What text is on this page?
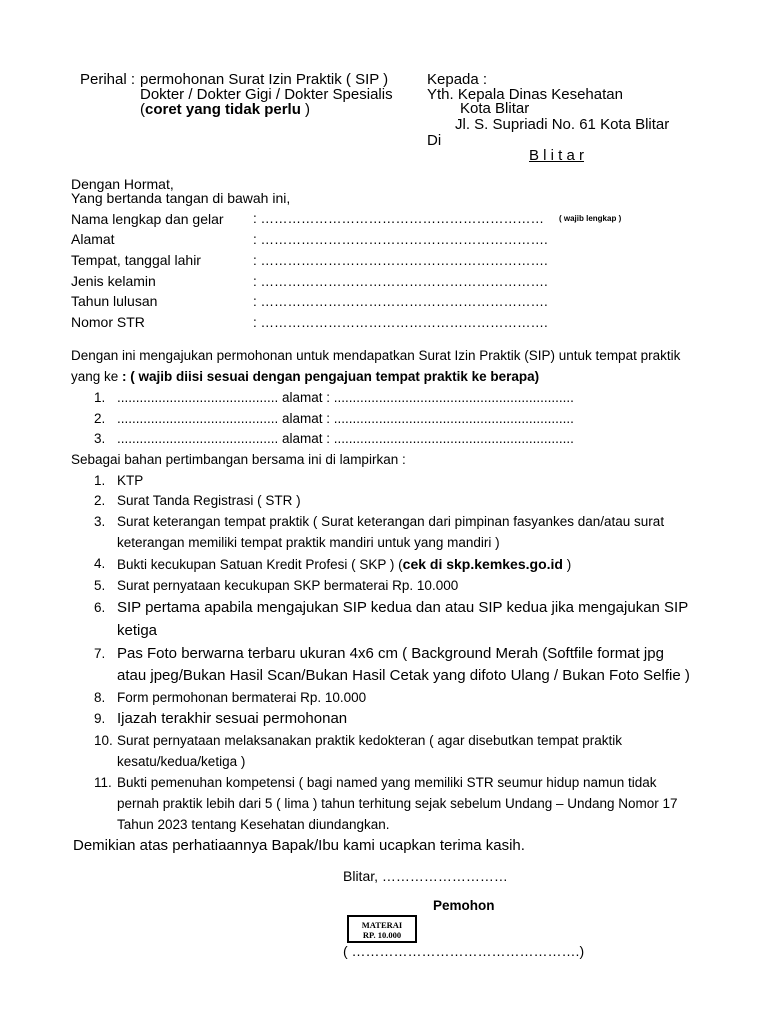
Perihal : permohonan Surat Izin Praktik ( SIP )
Dokter / Dokter Gigi / Dokter Spesialis
(coret yang tidak perlu )
Kepada :
Yth. Kepala Dinas Kesehatan
Kota Blitar
Jl. S. Supriadi No. 61 Kota Blitar
Di
B l i t a r
Dengan Hormat,
Yang bertanda tangan di bawah ini,
Nama lengkap dan gelar : ……………………………………………………… ( wajib lengkap )
Alamat	: ……………………………………………………….
Tempat, tanggal lahir	: ……………………………………………………….
Jenis kelamin	: ……………………………………………………….
Tahun lulusan	: ……………………………………………………….
Nomor STR	: ……………………………………………………….
Dengan ini mengajukan permohonan untuk mendapatkan Surat Izin Praktik (SIP) untuk tempat praktik
yang ke : ( wajib diisi sesuai dengan pengajuan tempat praktik ke berapa)
1. ........................................... alamat : ................................................................
2. ........................................... alamat : ................................................................
3. ........................................... alamat : ................................................................
Sebagai bahan pertimbangan bersama ini di lampirkan :
1. KTP
2. Surat Tanda Registrasi ( STR )
3. Surat keterangan tempat praktik ( Surat keterangan dari pimpinan fasyankes dan/atau surat
keterangan memiliki tempat praktik mandiri untuk yang mandiri )
4. Bukti kecukupan Satuan Kredit Profesi ( SKP ) (cek di skp.kemkes.go.id )
5. Surat pernyataan kecukupan SKP bermaterai Rp. 10.000
6. SIP pertama apabila mengajukan SIP kedua dan atau SIP kedua jika mengajukan SIP
ketiga
7. Pas Foto berwarna terbaru ukuran 4x6 cm ( Background Merah (Softfile format jpg
atau jpeg/Bukan Hasil Scan/Bukan Hasil Cetak yang difoto Ulang / Bukan Foto Selfie )
8. Form permohonan bermaterai Rp. 10.000
9. Ijazah terakhir sesuai permohonan
10. Surat pernyataan melaksanakan praktik kedokteran ( agar disebutkan tempat praktik
kesatu/kedua/ketiga )
11. Bukti pemenuhan kompetensi ( bagi named yang memiliki STR seumur hidup namun tidak
pernah praktik lebih dari 5 ( lima ) tahun terhitung sejak sebelum Undang – Undang Nomor 17
Tahun 2023 tentang Kesehatan diundangkan.
Demikian atas perhatiaannya Bapak/Ibu kami ucapkan terima kasih.
Blitar, ………………………
Pemohon
MATERAI
RP. 10.000
( ………………………………………….)
